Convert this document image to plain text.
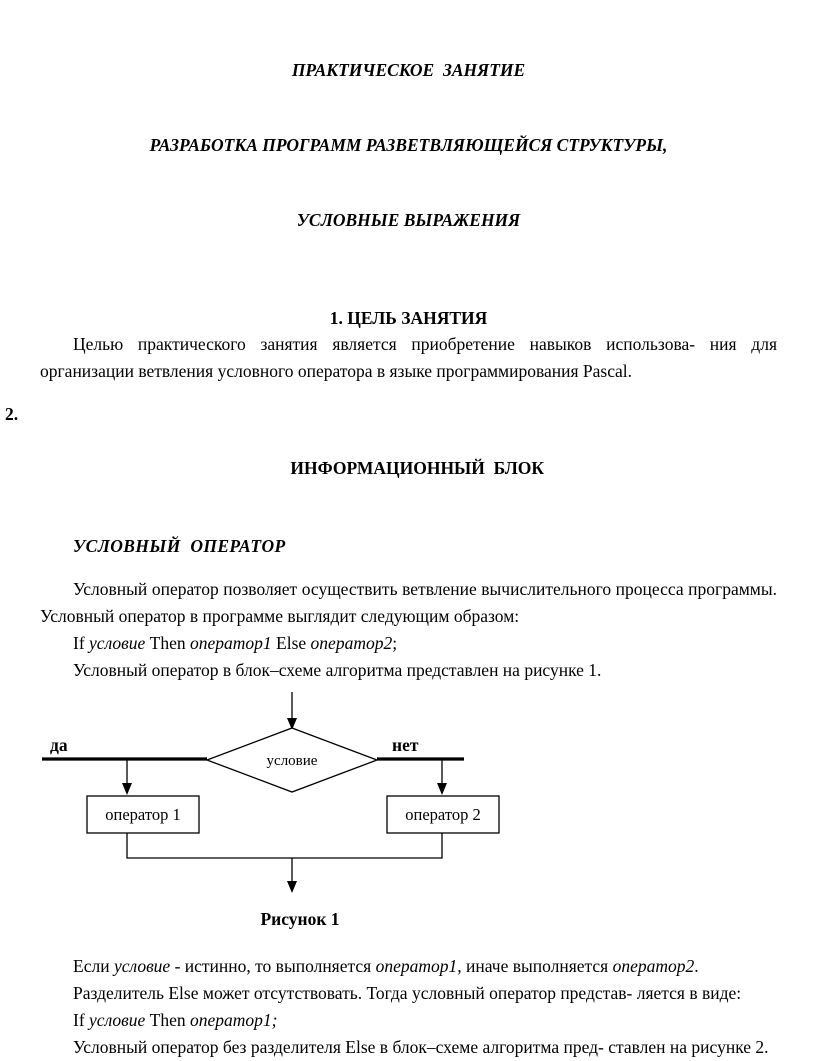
ПРАКТИЧЕСКОЕ  ЗАНЯТИЕ

РАЗРАБОТКА ПРОГРАММ РАЗВЕТВЛЯЮЩЕЙСЯ СТРУКТУРЫ,

УСЛОВНЫЕ ВЫРАЖЕНИЯ

1. ЦЕЛЬ ЗАНЯТИЯ

Целью практического занятия является приобретение навыков использова- ния для организации ветвления условного оператора в языке программирования Pascal.

2.

ИНФОРМАЦИОННЫЙ  БЛОК

УСЛОВНЫЙ  ОПЕРАТОР

Условный оператор позволяет осуществить ветвление вычислительного процесса программы. Условный оператор в программе выглядит следующим образом:

If условие Then оператор1 Else оператор2;

Условный оператор в блок–схеме алгоритма представлен на рисунке 1.

условие
да	нет
оператор 1	оператор 2
Рисунок 1

Если условие - истинно, то выполняется оператор1, иначе выполняется оператор2.

Разделитель Else может отсутствовать. Тогда условный оператор представ- ляется в виде:

If условие Then оператор1;

Условный оператор без разделителя Else в блок–схеме алгоритма пред- ставлен на рисунке 2.
